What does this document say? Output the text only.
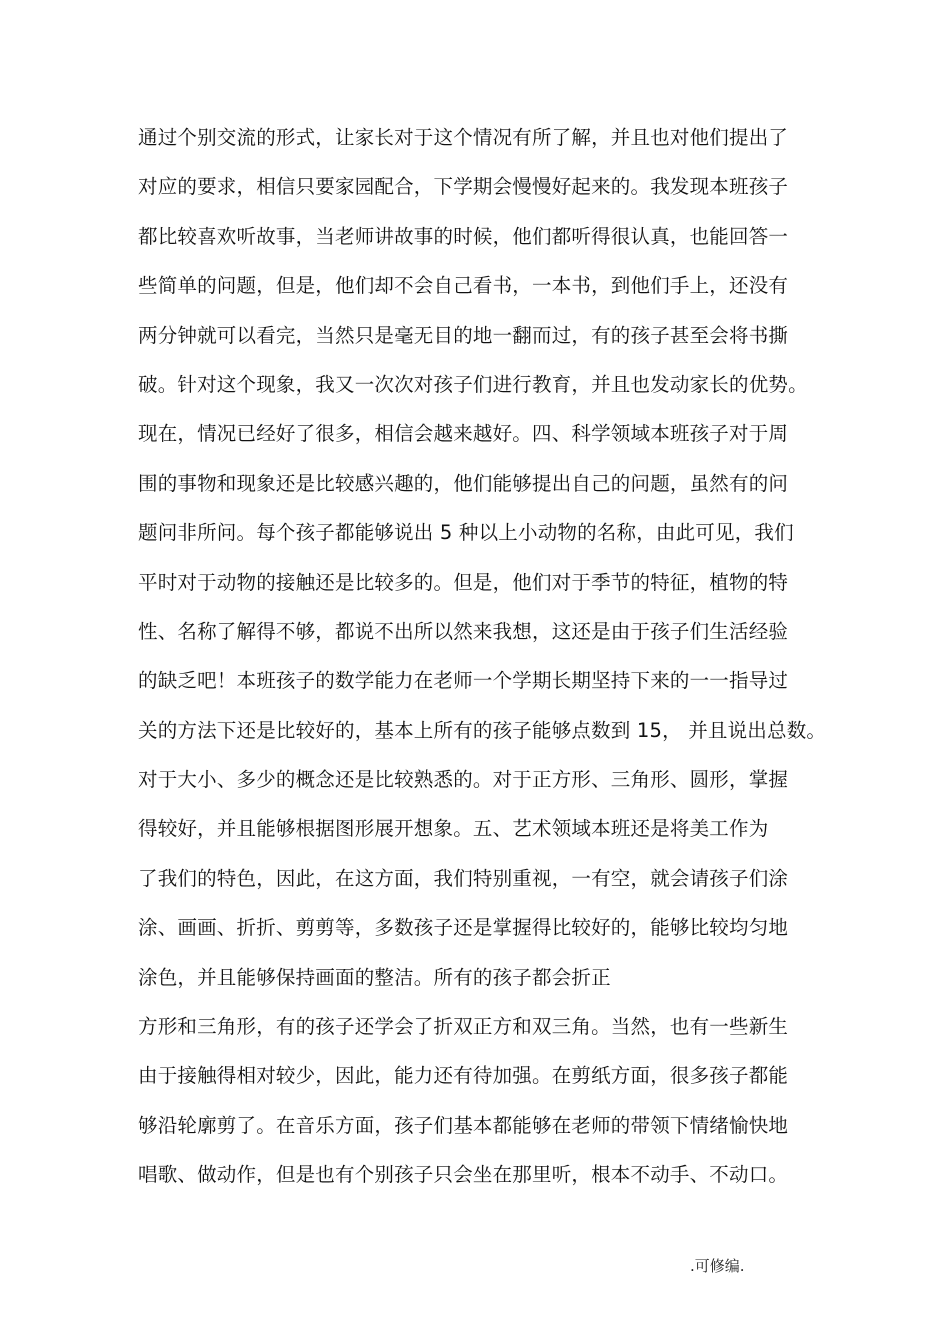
通过个别交流的形式，让家长对于这个情况有所了解，并且也对他们提出了
对应的要求，相信只要家园配合，下学期会慢慢好起来的。我发现本班孩子
都比较喜欢听故事，当老师讲故事的时候，他们都听得很认真，也能回答一
些简单的问题，但是，他们却不会自己看书，一本书，到他们手上，还没有
两分钟就可以看完，当然只是毫无目的地一翻而过，有的孩子甚至会将书撕
破。针对这个现象，我又一次次对孩子们进行教育，并且也发动家长的优势。
现在，情况已经好了很多，相信会越来越好。四、科学领域本班孩子对于周
围的事物和现象还是比较感兴趣的，他们能够提出自己的问题，虽然有的问
题问非所问。每个孩子都能够说出 5 种以上小动物的名称，由此可见，我们
平时对于动物的接触还是比较多的。但是，他们对于季节的特征，植物的特
性、名称了解得不够，都说不出所以然来我想，这还是由于孩子们生活经验
的缺乏吧！本班孩子的数学能力在老师一个学期长期坚持下来的一一指导过
关的方法下还是比较好的，基本上所有的孩子能够点数到 15， 并且说出总数。
对于大小、多少的概念还是比较熟悉的。对于正方形、三角形、圆形，掌握
得较好，并且能够根据图形展开想象。五、艺术领域本班还是将美工作为
了我们的特色，因此，在这方面，我们特别重视，一有空，就会请孩子们涂
涂、画画、折折、剪剪等，多数孩子还是掌握得比较好的，能够比较均匀地
涂色，并且能够保持画面的整洁。所有的孩子都会折正
方形和三角形，有的孩子还学会了折双正方和双三角。当然，也有一些新生
由于接触得相对较少，因此，能力还有待加强。在剪纸方面，很多孩子都能
够沿轮廓剪了。在音乐方面，孩子们基本都能够在老师的带领下情绪愉快地
唱歌、做动作，但是也有个别孩子只会坐在那里听，根本不动手、不动口。
.可修编.
